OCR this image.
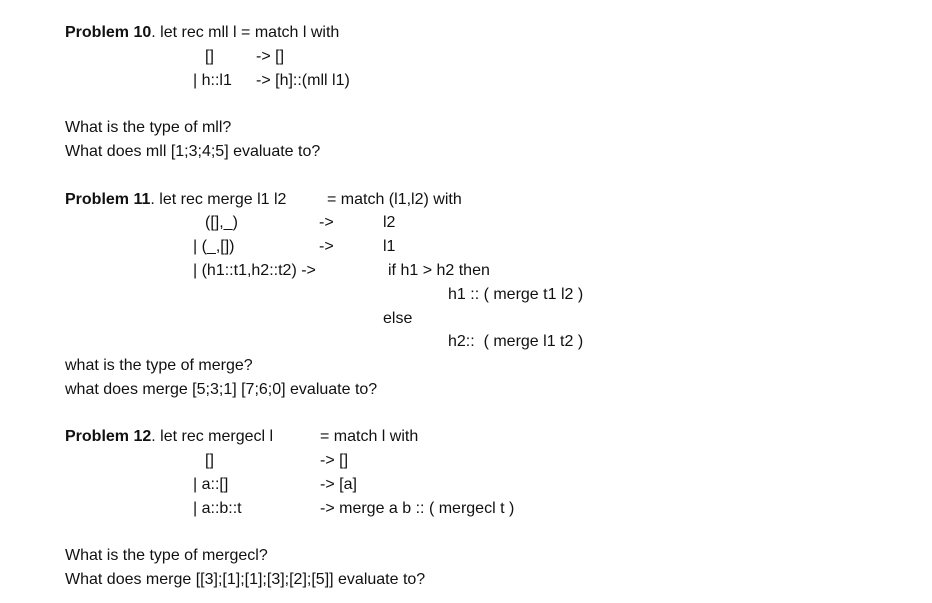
Problem 10. let rec mll l = match l with
[]	-> []
| h::l1 -> [h]::(mll l1)
What is the type of mll?
What does mll [1;3;4;5] evaluate to?
Problem 11. let rec merge l1 l2	= match (l1,l2) with
([],_)	->	l2
| (_,[])	->	l1
| (h1::t1,h2::t2) ->	if h1 > h2 then
h1 :: ( merge t1 l2 )
else
h2::  ( merge l1 t2 )
what is the type of merge?
what does merge [5;3;1] [7;6;0] evaluate to?
Problem 12. let rec mergecl l	= match l with
[]	-> []
| a::[]	-> [a]
| a::b::t	-> merge a b :: ( mergecl t )
What is the type of mergecl?
What does merge [[3];[1];[1];[3];[2];[5]] evaluate to?
